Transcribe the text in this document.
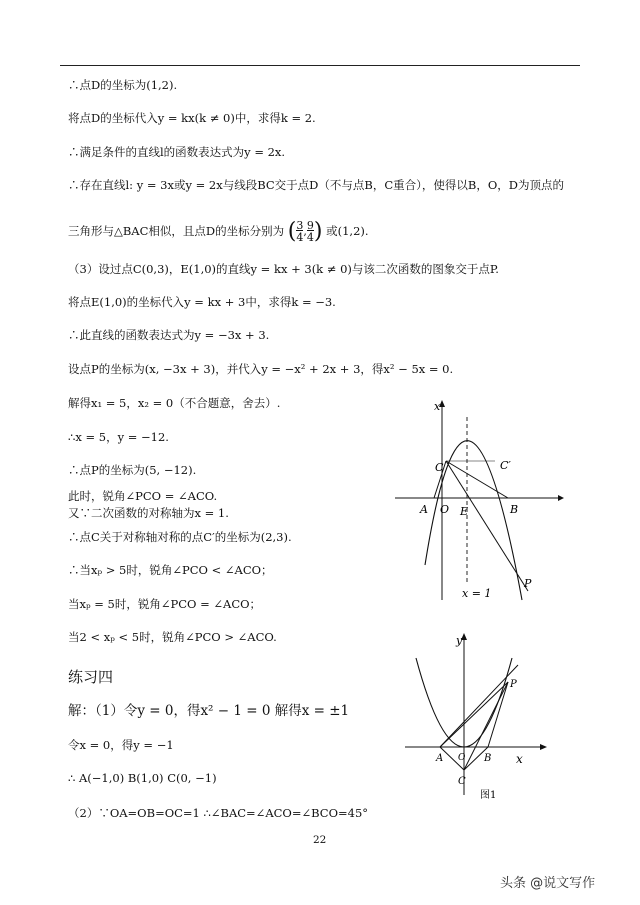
∴点D的坐标为(1,2).
将点D的坐标代入y = kx(k ≠ 0)中，求得k = 2.
∴满足条件的直线l的函数表达式为y = 2x.
∴存在直线l: y = 3x或y = 2x与线段BC交于点D（不与点B，C重合），使得以B，O，D为顶点的
三角形与△BAC相似，且点D的坐标分别为 $(\frac{3}{4},\frac{9}{4})$ 或(1,2).
（3）设过点C(0,3)，E(1,0)的直线y = kx + 3(k ≠ 0)与该二次函数的图象交于点P.
将点E(1,0)的坐标代入y = kx + 3中，求得k = −3.
∴此直线的函数表达式为y = −3x + 3.
设点P的坐标为(x, −3x + 3)，并代入y = −x² + 2x + 3，得x² − 5x = 0.
解得x₁ = 5，x₂ = 0（不合题意，舍去）.
∴x = 5，y = −12.
∴点P的坐标为(5, −12).
此时，锐角∠PCO = ∠ACO.
又∵二次函数的对称轴为x = 1.
∴点C关于对称轴对称的点C′的坐标为(2,3).
∴当xₚ > 5时，锐角∠PCO < ∠ACO；
当xₚ = 5时，锐角∠PCO = ∠ACO；
当2 < xₚ < 5时，锐角∠PCO > ∠ACO.
练习四
解：（1）令y = 0，得x² − 1 = 0 解得x = ±1
令x = 0，得y = −1
∴ A(−1,0) B(1,0) C(0, −1)
（2）∵OA=OB=OC=1 ∴∠BAC=∠ACO=∠BCO=45°
x
C	C′
A O E	B
P
x = 1
y
x
A O B
C
P
图1
22
头条 @说文写作
